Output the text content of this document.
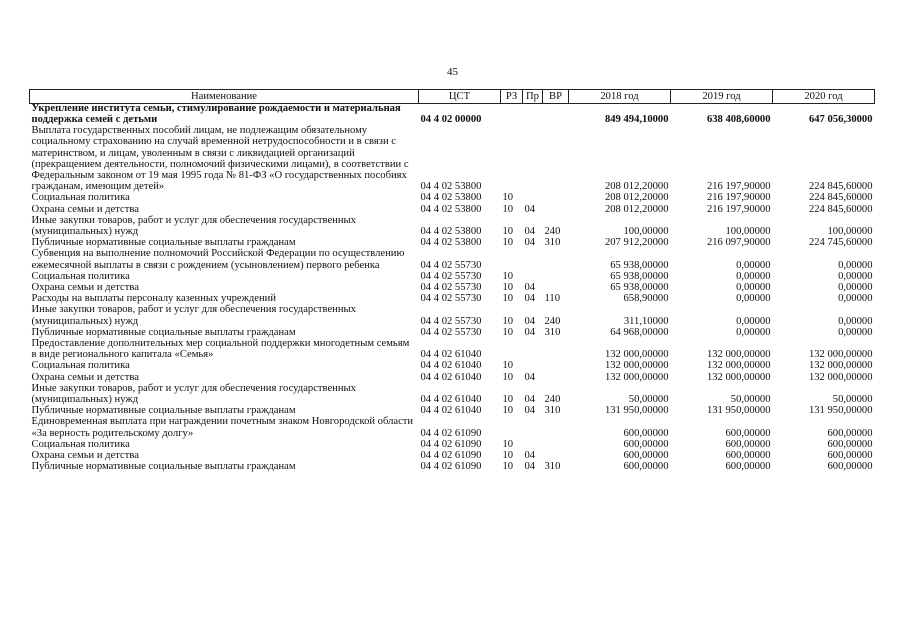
45
Наименование	ЦСТ	РЗ	Пр	ВР	2018 год	2019 год	2020 год
Укрепление института семьи, стимулирование рождаемости и материальная поддержка семей с детьми	04 4 02 00000				849 494,10000	638 408,60000	647 056,30000
Выплата государственных пособий лицам, не подлежащим обязательному социальному страхованию на случай временной нетрудоспособности и в связи с материнством, и лицам, уволенным в связи с ликвидацией организаций (прекращением деятельности, полномочий физическими лицами), в соответствии с Федеральным законом от 19 мая 1995 года № 81-ФЗ «О государственных пособиях гражданам, имеющим детей»	04 4 02 53800				208 012,20000	216 197,90000	224 845,60000
Социальная политика	04 4 02 53800	10			208 012,20000	216 197,90000	224 845,60000
Охрана семьи и детства	04 4 02 53800	10	04		208 012,20000	216 197,90000	224 845,60000
Иные закупки товаров, работ и услуг для обеспечения государственных (муниципальных) нужд	04 4 02 53800	10	04	240	100,00000	100,00000	100,00000
Публичные нормативные социальные выплаты гражданам	04 4 02 53800	10	04	310	207 912,20000	216 097,90000	224 745,60000
Субвенция на выполнение полномочий Российской Федерации по осуществлению ежемесячной выплаты в связи с рождением (усыновлением) первого ребенка	04 4 02 55730				65 938,00000	0,00000	0,00000
Социальная политика	04 4 02 55730	10			65 938,00000	0,00000	0,00000
Охрана семьи и детства	04 4 02 55730	10	04		65 938,00000	0,00000	0,00000
Расходы на выплаты персоналу казенных учреждений	04 4 02 55730	10	04	110	658,90000	0,00000	0,00000
Иные закупки товаров, работ и услуг для обеспечения государственных (муниципальных) нужд	04 4 02 55730	10	04	240	311,10000	0,00000	0,00000
Публичные нормативные социальные выплаты гражданам	04 4 02 55730	10	04	310	64 968,00000	0,00000	0,00000
Предоставление дополнительных мер социальной поддержки многодетным семьям в виде регионального капитала «Семья»	04 4 02 61040				132 000,00000	132 000,00000	132 000,00000
Социальная политика	04 4 02 61040	10			132 000,00000	132 000,00000	132 000,00000
Охрана семьи и детства	04 4 02 61040	10	04		132 000,00000	132 000,00000	132 000,00000
Иные закупки товаров, работ и услуг для обеспечения государственных (муниципальных) нужд	04 4 02 61040	10	04	240	50,00000	50,00000	50,00000
Публичные нормативные социальные выплаты гражданам	04 4 02 61040	10	04	310	131 950,00000	131 950,00000	131 950,00000
Единовременная выплата при награждении почетным знаком Новгородской области «За верность родительскому долгу»	04 4 02 61090				600,00000	600,00000	600,00000
Социальная политика	04 4 02 61090	10			600,00000	600,00000	600,00000
Охрана семьи и детства	04 4 02 61090	10	04		600,00000	600,00000	600,00000
Публичные нормативные социальные выплаты гражданам	04 4 02 61090	10	04	310	600,00000	600,00000	600,00000
